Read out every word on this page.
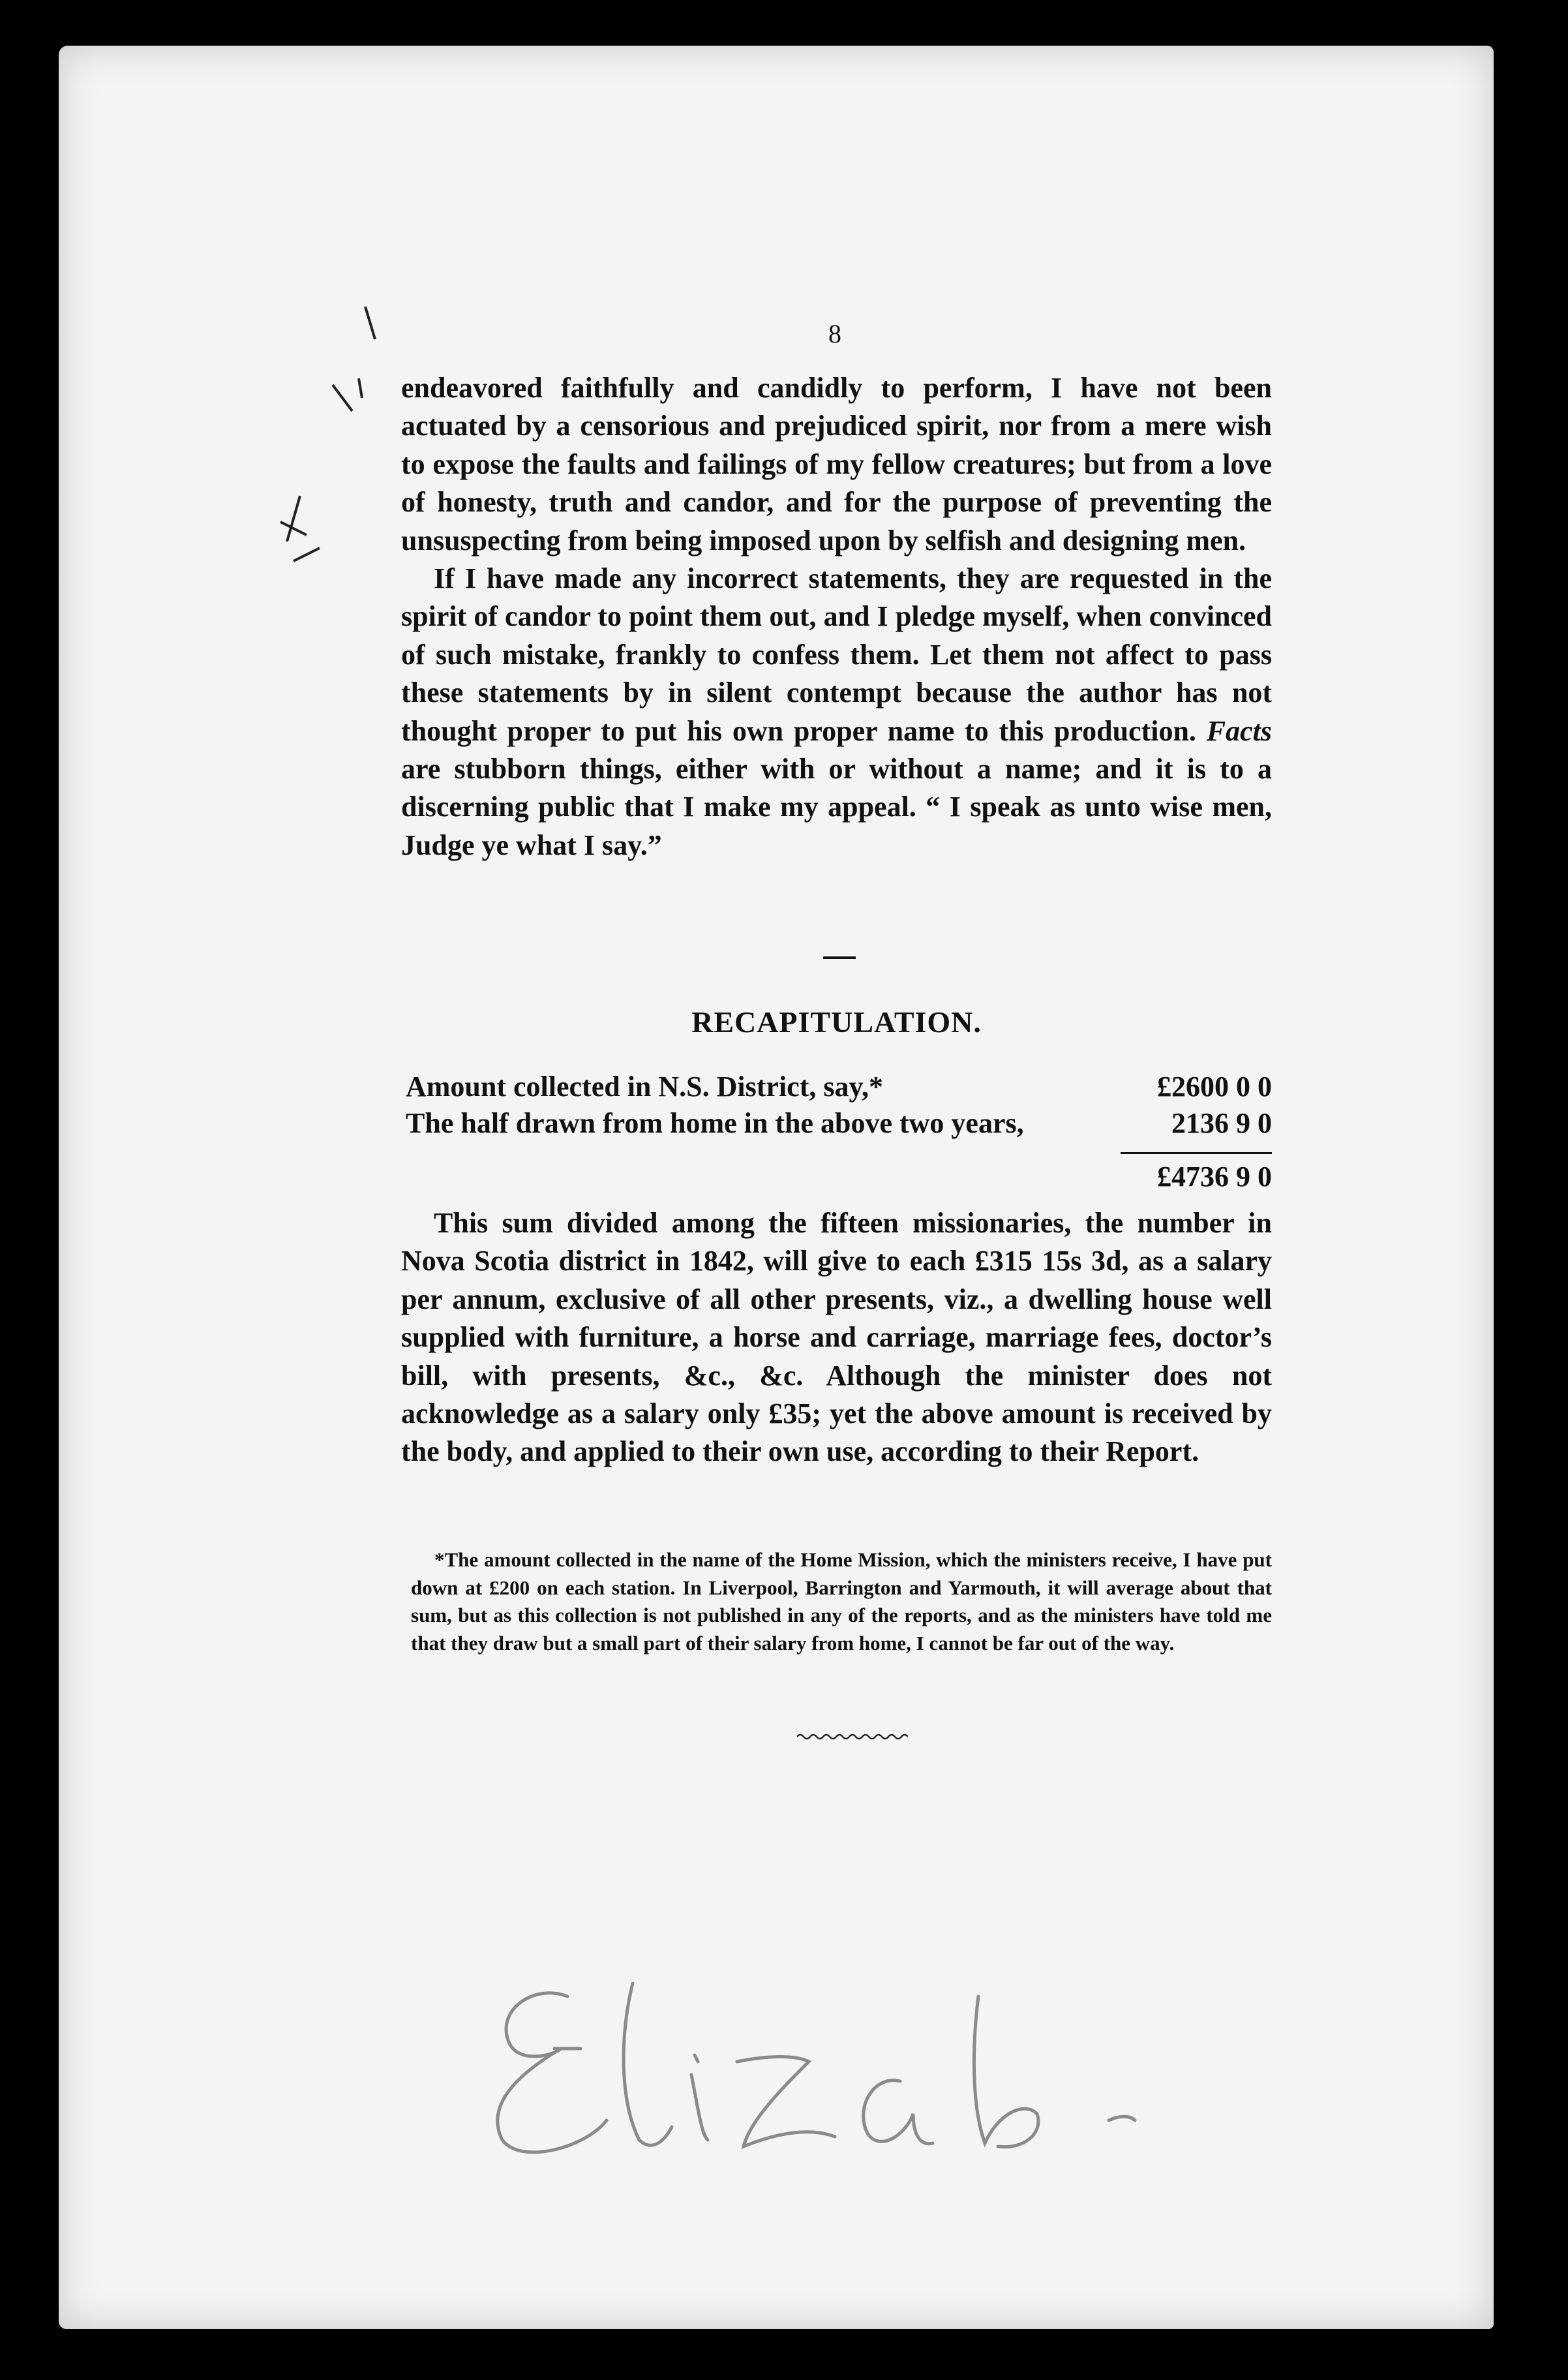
8

endeavored faithfully and candidly to perform, I have not been actuated by a censorious and prejudiced spirit, nor from a mere wish to expose the faults and failings of my fellow creatures; but from a love of honesty, truth and candor, and for the purpose of preventing the unsuspecting from being imposed upon by selfish and designing men.

If I have made any incorrect statements, they are requested in the spirit of candor to point them out, and I pledge myself, when convinced of such mistake, frankly to confess them. Let them not affect to pass these statements by in silent contempt because the author has not thought proper to put his own proper name to this production. Facts are stubborn things, either with or without a name; and it is to a discerning public that I make my appeal. “ I speak as unto wise men, Judge ye what I say.”

RECAPITULATION.
Amount collected in N.S. District, say,*	£2600 0 0
The half drawn from home in the above two years,	2136 9 0
£4736 9 0

This sum divided among the fifteen missionaries, the number in Nova Scotia district in 1842, will give to each £315 15s 3d, as a salary per annum, exclusive of all other presents, viz., a dwelling house well supplied with furniture, a horse and carriage, marriage fees, doctor’s bill, with presents, &c., &c. Although the minister does not acknowledge as a salary only £35; yet the above amount is received by the body, and applied to their own use, according to their Report.

*The amount collected in the name of the Home Mission, which the ministers receive, I have put down at £200 on each station. In Liverpool, Barrington and Yarmouth, it will average about that sum, but as this collection is not published in any of the reports, and as the ministers have told me that they draw but a small part of their salary from home, I cannot be far out of the way.
